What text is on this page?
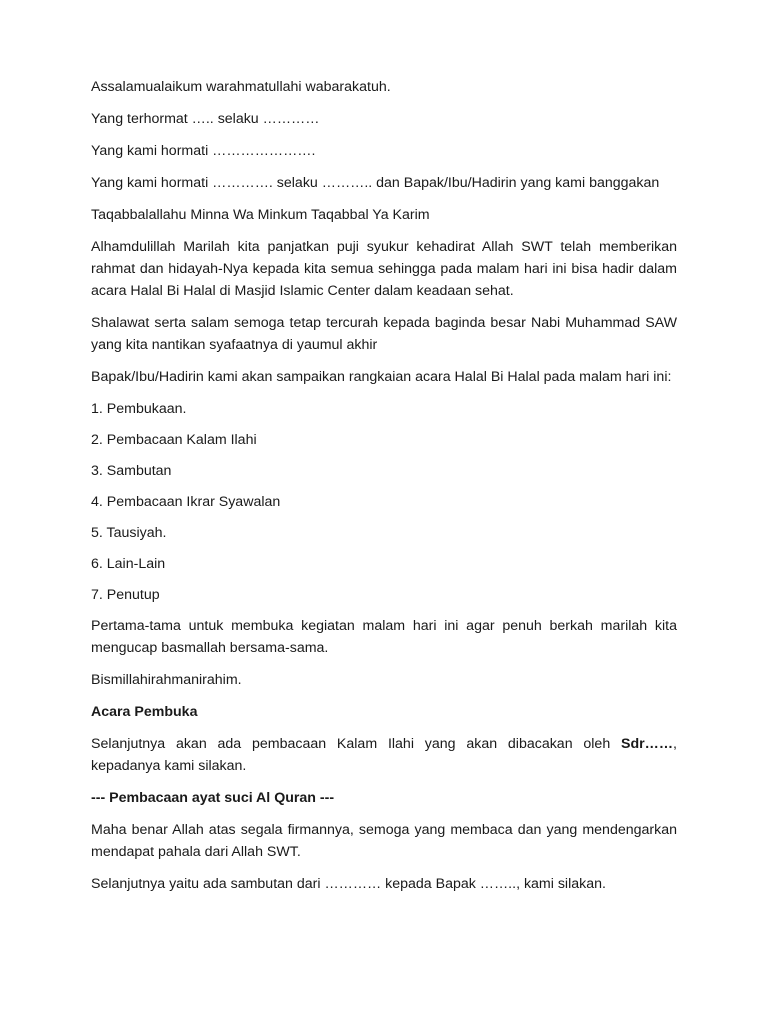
Assalamualaikum warahmatullahi wabarakatuh.

Yang terhormat ….. selaku …………

Yang kami hormati ………………….

Yang kami hormati …………. selaku ……….. dan Bapak/Ibu/Hadirin yang kami banggakan

Taqabbalallahu Minna Wa Minkum Taqabbal Ya Karim

Alhamdulillah Marilah kita panjatkan puji syukur kehadirat Allah SWT telah memberikan rahmat dan hidayah-Nya kepada kita semua sehingga pada malam hari ini bisa hadir dalam acara Halal Bi Halal di Masjid Islamic Center dalam keadaan sehat.

Shalawat serta salam semoga tetap tercurah kepada baginda besar Nabi Muhammad SAW yang kita nantikan syafaatnya di yaumul akhir

Bapak/Ibu/Hadirin kami akan sampaikan rangkaian acara Halal Bi Halal pada malam hari ini:

1. Pembukaan.

2. Pembacaan Kalam Ilahi

3. Sambutan

4. Pembacaan Ikrar Syawalan

5. Tausiyah.

6. Lain-Lain

7. Penutup

Pertama-tama untuk membuka kegiatan malam hari ini agar penuh berkah marilah kita mengucap basmallah bersama-sama.

Bismillahirahmanirahim.

Acara Pembuka

Selanjutnya akan ada pembacaan Kalam Ilahi yang akan dibacakan oleh Sdr……, kepadanya kami silakan.

--- Pembacaan ayat suci Al Quran ---

Maha benar Allah atas segala firmannya, semoga yang membaca dan yang mendengarkan mendapat pahala dari Allah SWT.

Selanjutnya yaitu ada sambutan dari ………… kepada Bapak …….., kami silakan.
